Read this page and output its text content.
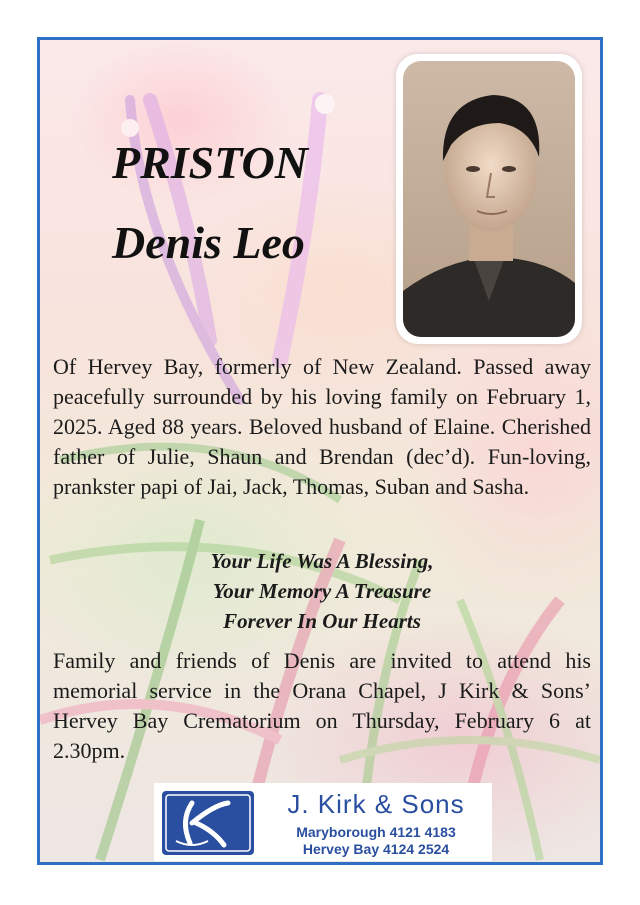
PRISTON
Denis Leo

Of Hervey Bay, formerly of New Zealand. Passed away peacefully surrounded by his loving family on February 1, 2025. Aged 88 years. Beloved husband of Elaine. Cherished father of Julie, Shaun and Brendan (dec’d). Fun-loving, prankster papi of Jai, Jack, Thomas, Suban and Sasha.

Your Life Was A Blessing,
Your Memory A Treasure
Forever In Our Hearts

Family and friends of Denis are invited to attend his memorial service in the Orana Chapel, J Kirk & Sons’ Hervey Bay Crematorium on Thursday, February 6 at 2.30pm.

J. Kirk & Sons
Maryborough 4121 4183
Hervey Bay 4124 2524
